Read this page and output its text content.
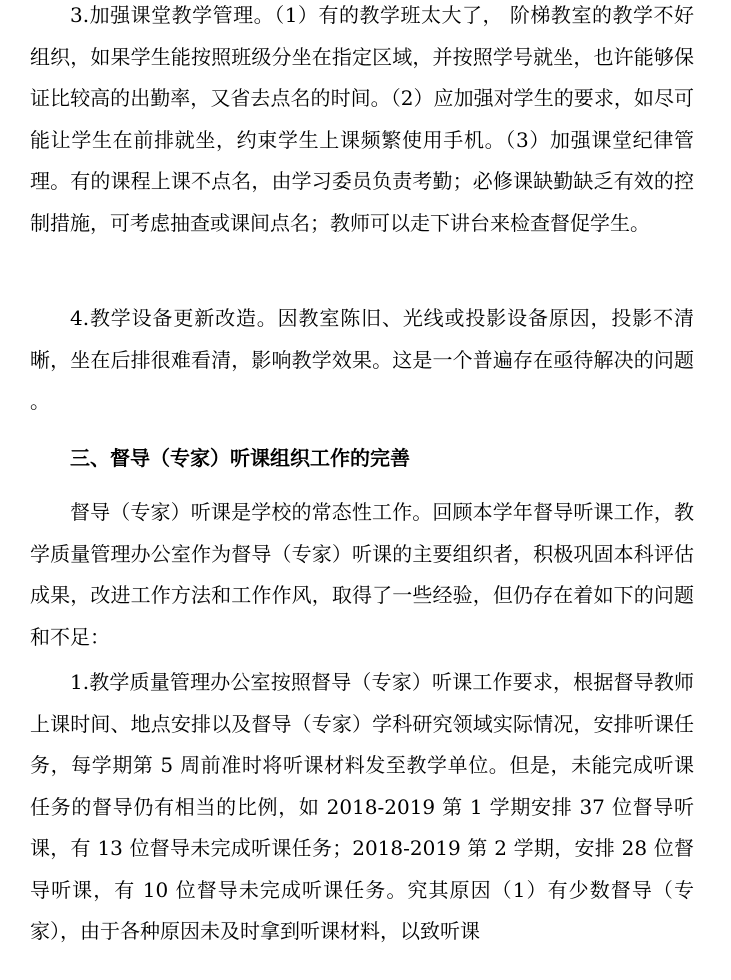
3.加强课堂教学管理。（1）有的教学班太大了， 阶梯教室的教学不好组织，如果学生能按照班级分坐在指定区域，并按照学号就坐，也许能够保证比较高的出勤率，又省去点名的时间。（2）应加强对学生的要求，如尽可能让学生在前排就坐，约束学生上课频繁使用手机。（3）加强课堂纪律管理。有的课程上课不点名，由学习委员负责考勤；必修课缺勤缺乏有效的控制措施，可考虑抽查或课间点名；教师可以走下讲台来检查督促学生。

4.教学设备更新改造。因教室陈旧、光线或投影设备原因，投影不清晰，坐在后排很难看清，影响教学效果。这是一个普遍存在亟待解决的问题 。

三、督导（专家）听课组织工作的完善

督导（专家）听课是学校的常态性工作。回顾本学年督导听课工作，教学质量管理办公室作为督导（专家）听课的主要组织者，积极巩固本科评估成果，改进工作方法和工作作风，取得了一些经验，但仍存在着如下的问题和不足：

1.教学质量管理办公室按照督导（专家）听课工作要求，根据督导教师上课时间、地点安排以及督导（专家）学科研究领域实际情况，安排听课任务，每学期第 5 周前准时将听课材料发至教学单位。但是，未能完成听课任务的督导仍有相当的比例，如 2018-2019 第 1 学期安排 37 位督导听课，有 13 位督导未完成听课任务；2018-2019 第 2 学期，安排 28 位督导听课，有 10 位督导未完成听课任务。究其原因（1）有少数督导（专家），由于各种原因未及时拿到听课材料，以致听课
